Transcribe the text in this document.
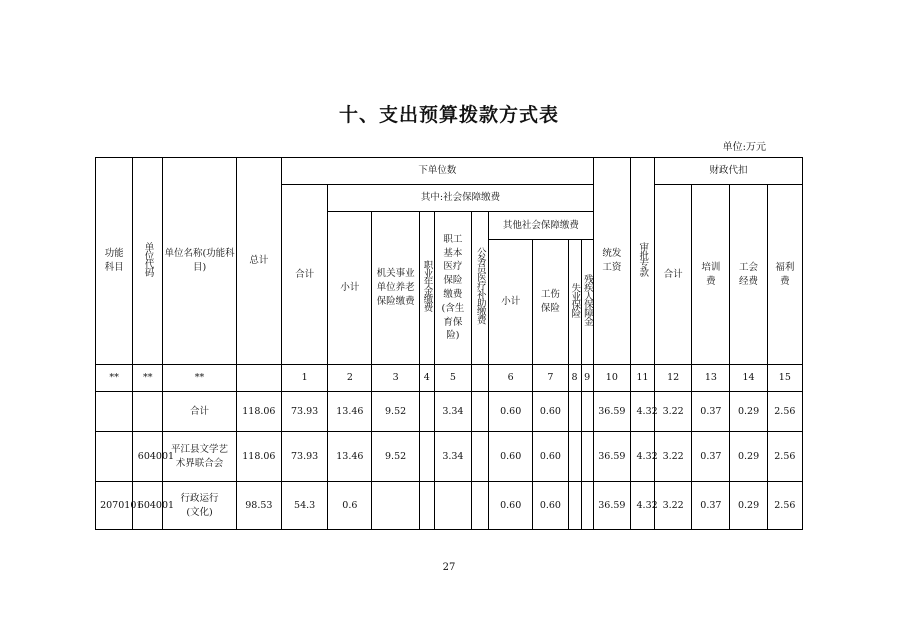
十、支出预算拨款方式表
单位:万元
功能科目	单位代码	单位名称(功能科目)	总计	下单位数										统发工资	审批专款	财政代扣			
				合计	其中:社会保障缴费											合计	培训费	工会经费	福利费

					小计	机关事业单位养老保险缴费	职业年金缴费	职工基本医疗保险缴费(含生育保险)	公务员医疗补助缴费	其他社会保障缴费									
										小计	工伤保险	失业保险	残疾人保障金						
**	**	**		1	2	3	4	5		6	7	8	9	10	11	12	13	14	15
		合计	118.06	73.93	13.46	9.52		3.34		0.60	0.60			36.59	4.32	3.22	0.37	0.29	2.56

	604001	平江县文学艺术界联合会	118.06	73.93	13.46	9.52		3.34		0.60	0.60			36.59	4.32	3.22	0.37	0.29	2.56

2070101	604001	行政运行(文化)	98.53	54.3	0.6					0.60	0.60			36.59	4.32	3.22	0.37	0.29	2.56
27
